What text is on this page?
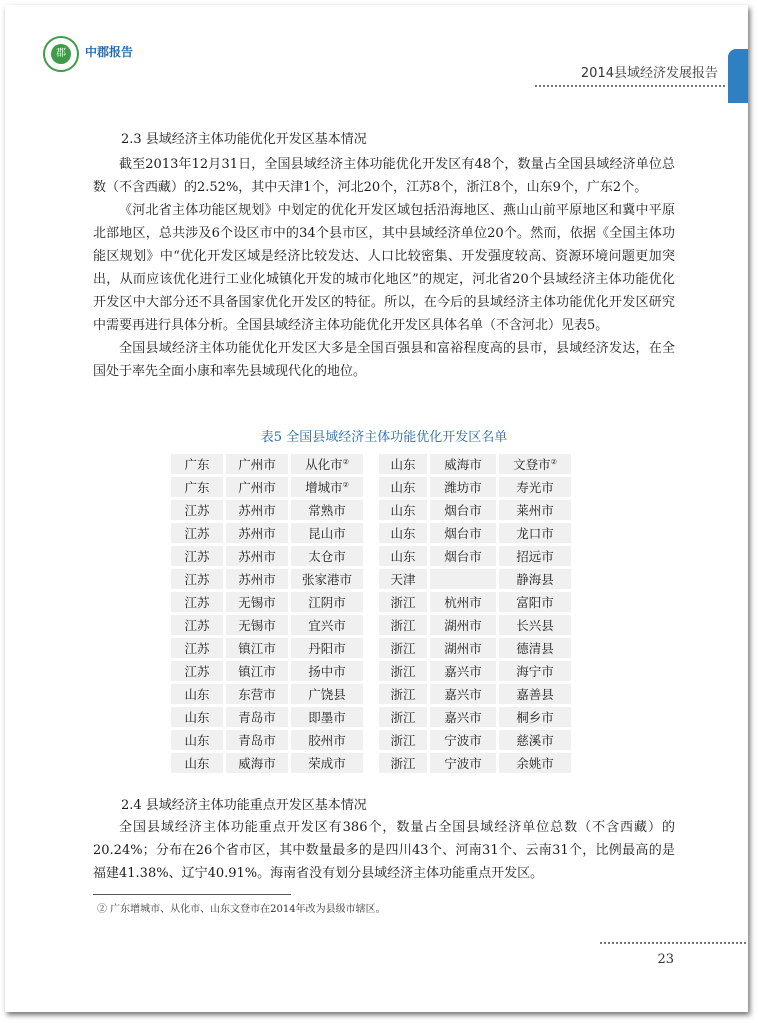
郡	中郡报告
2014县域经济发展报告
2.3 县域经济主体功能优化开发区基本情况

截至2013年12月31日，全国县域经济主体功能优化开发区有48个，数量占全国县域经济单位总数（不含西藏）的2.52%，其中天津1个，河北20个，江苏8个，浙江8个，山东9个，广东2个。

《河北省主体功能区规划》中划定的优化开发区域包括沿海地区、燕山山前平原地区和冀中平原北部地区，总共涉及6个设区市中的34个县市区，其中县域经济单位20个。然而，依据《全国主体功能区规划》中“优化开发区域是经济比较发达、人口比较密集、开发强度较高、资源环境问题更加突出，从而应该优化进行工业化城镇化开发的城市化地区”的规定，河北省20个县域经济主体功能优化开发区中大部分还不具备国家优化开发区的特征。所以，在今后的县域经济主体功能优化开发区研究中需要再进行具体分析。全国县域经济主体功能优化开发区具体名单（不含河北）见表5。

全国县域经济主体功能优化开发区大多是全国百强县和富裕程度高的县市，县域经济发达，在全国处于率先全面小康和率先县域现代化的地位。

表5 全国县域经济主体功能优化开发区名单
广东	广州市	从化市②		山东	威海市	文登市②
广东	广州市	增城市②		山东	潍坊市	寿光市
江苏	苏州市	常熟市		山东	烟台市	莱州市
江苏	苏州市	昆山市		山东	烟台市	龙口市
江苏	苏州市	太仓市		山东	烟台市	招远市
江苏	苏州市	张家港市		天津		静海县
江苏	无锡市	江阴市		浙江	杭州市	富阳市
江苏	无锡市	宜兴市		浙江	湖州市	长兴县
江苏	镇江市	丹阳市		浙江	湖州市	德清县
江苏	镇江市	扬中市		浙江	嘉兴市	海宁市
山东	东营市	广饶县		浙江	嘉兴市	嘉善县
山东	青岛市	即墨市		浙江	嘉兴市	桐乡市
山东	青岛市	胶州市		浙江	宁波市	慈溪市
山东	威海市	荣成市		浙江	宁波市	余姚市
2.4 县域经济主体功能重点开发区基本情况

全国县域经济主体功能重点开发区有386个，数量占全国县域经济单位总数（不含西藏）的20.24%；分布在26个省市区，其中数量最多的是四川43个、河南31个、云南31个，比例最高的是福建41.38%、辽宁40.91%。海南省没有划分县域经济主体功能重点开发区。

② 广东增城市、从化市、山东文登市在2014年改为县级市辖区。
23
